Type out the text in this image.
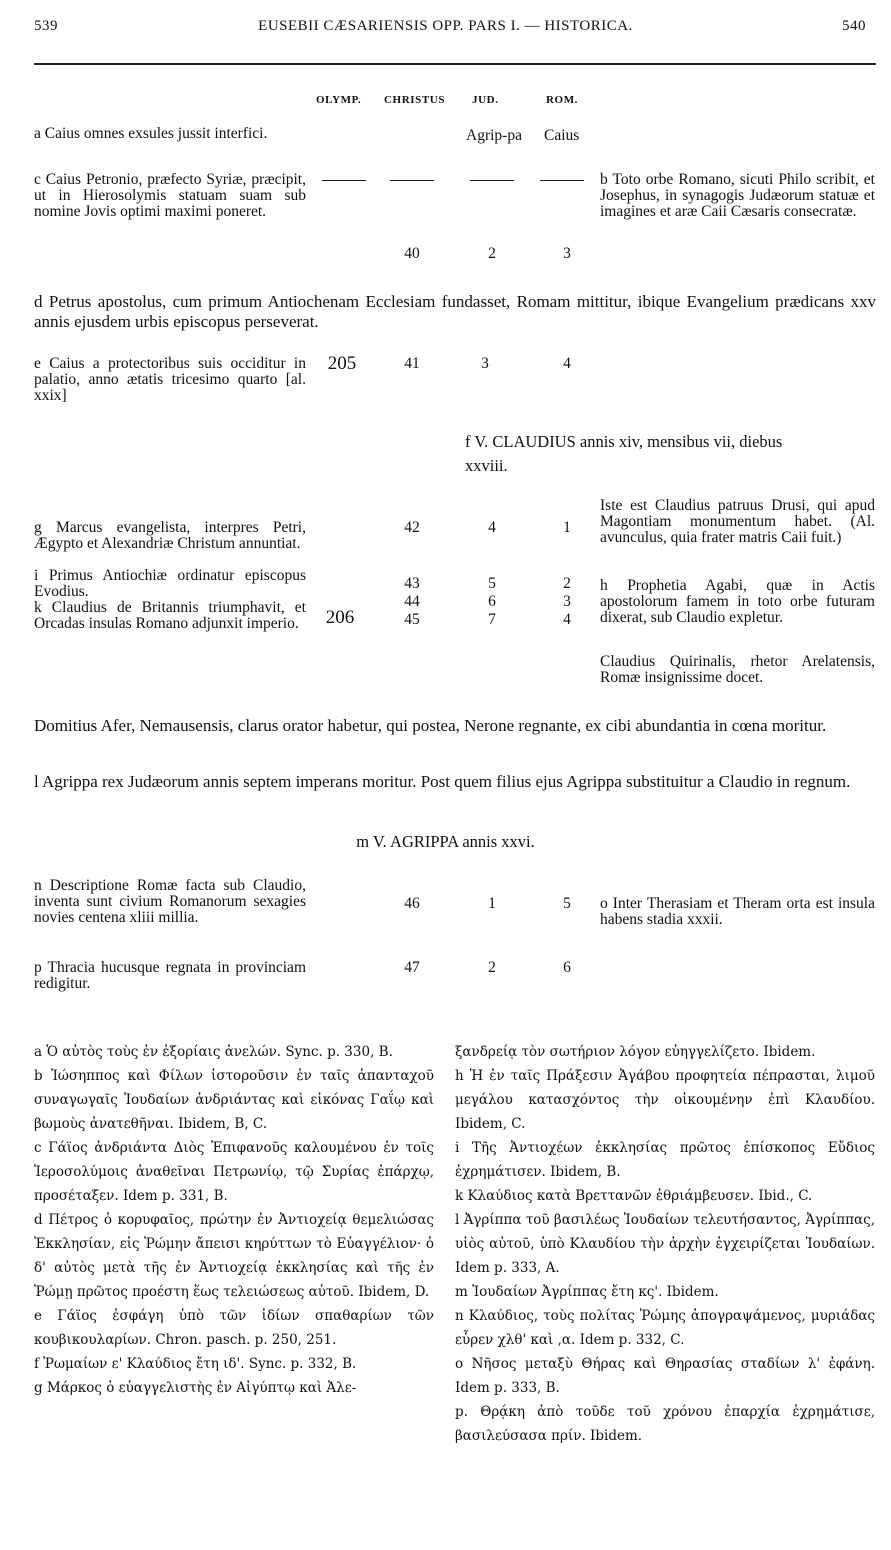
539	EUSEBII CÆSARIENSIS OPP. PARS I. — HISTORICA.	540
OLYMP. CHRISTUS JUD.	ROM.
a Caius omnes exsules jussit interfici.	Agrip-pa Caius
c Caius Petronio, præfecto Syriæ, præcipit, ut in Hierosolymis statuam suam sub nomine Jovis optimi maximi poneret.
b Toto orbe Romano, sicuti Philo scribit, et Josephus, in synagogis Judæorum statuæ et imagines et aræ Caii Cæsaris consecratæ.
40	2	3
d Petrus apostolus, cum primum Antiochenam Ecclesiam fundasset, Romam mittitur, ibique Evangelium prædicans xxv annis ejusdem urbis episcopus perseverat.
e Caius a protectoribus suis occiditur in palatio, anno ætatis tricesimo quarto [al. xxix]
205	41	3	4
f V. CLAUDIUS annis xiv, mensibus vii, diebus xxviii.
g Marcus evangelista, interpres Petri, Ægypto et Alexandriæ Christum annuntiat.
i Primus Antiochiæ ordinatur episcopus Evodius.
k Claudius de Britannis triumphavit, et Orcadas insulas Romano adjunxit imperio.	206
42	4	1
43	5	2
44	6	3
45	7	4
Iste est Claudius patruus Drusi, qui apud Magontiam monumentum habet. (Al. avunculus, quia frater matris Caii fuit.)
h Prophetia Agabi, quæ in Actis apostolorum famem in toto orbe futuram dixerat, sub Claudio expletur.
Claudius Quirinalis, rhetor Arelatensis, Romæ insignissime docet.
Domitius Afer, Nemausensis, clarus orator habetur, qui postea, Nerone regnante, ex cibi abundantia in cœna moritur.
l Agrippa rex Judæorum annis septem imperans moritur. Post quem filius ejus Agrippa substituitur a Claudio in regnum.
m V. AGRIPPA annis xxvi.
n Descriptione Romæ facta sub Claudio, inventa sunt civium Romanorum sexagies novies centena xliii millia.
46	1	5	o Inter Therasiam et Theram orta est insula habens stadia xxxii.
p Thracia hucusque regnata in provinciam redigitur.
47	2	6

a Ὁ αὐτὸς τοὺς ἐν ἐξορίαις ἀνελών. Sync. p. 330, B.

b Ἰώσηππος καὶ Φίλων ἱστοροῦσιν ἐν ταῖς ἁπανταχοῦ συναγωγαῖς Ἰουδαίων ἀνδριάντας καὶ εἰκόνας Γαΐῳ καὶ βωμοὺς ἀνατεθῆναι. Ibidem, B, C.

c Γάϊος ἀνδριάντα Διὸς Ἐπιφανοῦς καλουμένου ἐν τοῖς Ἱεροσολύμοις ἀναθεῖναι Πετρωνίῳ, τῷ Συρίας ἐπάρχῳ, προσέταξεν. Idem p. 331, B.

d Πέτρος ὁ κορυφαῖος, πρώτην ἐν Ἀντιοχείᾳ θεμελιώσας Ἐκκλησίαν, εἰς Ῥώμην ἄπεισι κηρύττων τὸ Εὐαγγέλιον· ὁ δ' αὐτὸς μετὰ τῆς ἐν Ἀντιοχείᾳ ἐκκλησίας καὶ τῆς ἐν Ῥώμῃ πρῶτος προέστη ἕως τελειώσεως αὐτοῦ. Ibidem, D.

e Γάϊος ἐσφάγη ὑπὸ τῶν ἰδίων σπαθαρίων τῶν κουβικουλαρίων. Chron. pasch. p. 250, 251.

f Ῥωμαίων ε' Κλαύδιος ἔτη ιδ'. Sync. p. 332, B.

g Μάρκος ὁ εὐαγγελιστὴς ἐν Αἰγύπτῳ καὶ Ἀλε-

ξανδρείᾳ τὸν σωτήριον λόγον εὐηγγελίζετο. Ibidem.

h Ἡ ἐν ταῖς Πράξεσιν Ἀγάβου προφητεία πέπρασται, λιμοῦ μεγάλου κατασχόντος τὴν οἰκουμένην ἐπὶ Κλαυδίου. Ibidem, C.

i Τῆς Ἀντιοχέων ἐκκλησίας πρῶτος ἐπίσκοπος Εὔδιος ἐχρημάτισεν. Ibidem, B.

k Κλαύδιος κατὰ Βρεττανῶν ἐθριάμβευσεν. Ibid., C.

l Ἀγρίππα τοῦ βασιλέως Ἰουδαίων τελευτήσαντος, Ἀγρίππας, υἱὸς αὐτοῦ, ὑπὸ Κλαυδίου τὴν ἀρχὴν ἐγχειρίζεται Ἰουδαίων. Idem p. 333, A.

m Ἰουδαίων Ἀγρίππας ἔτη κς'. Ibidem.

n Κλαύδιος, τοὺς πολίτας Ῥώμης ἀπογραψάμενος, μυριάδας εὗρεν χλθ' καὶ ,α. Idem p. 332, C.

o Νῆσος μεταξὺ Θήρας καὶ Θηρασίας σταδίων λ' ἐφάνη. Idem p. 333, B.

p. Θρᾴκη ἀπὸ τοῦδε τοῦ χρόνου ἐπαρχία ἐχρημάτισε, βασιλεύσασα πρίν. Ibidem.
